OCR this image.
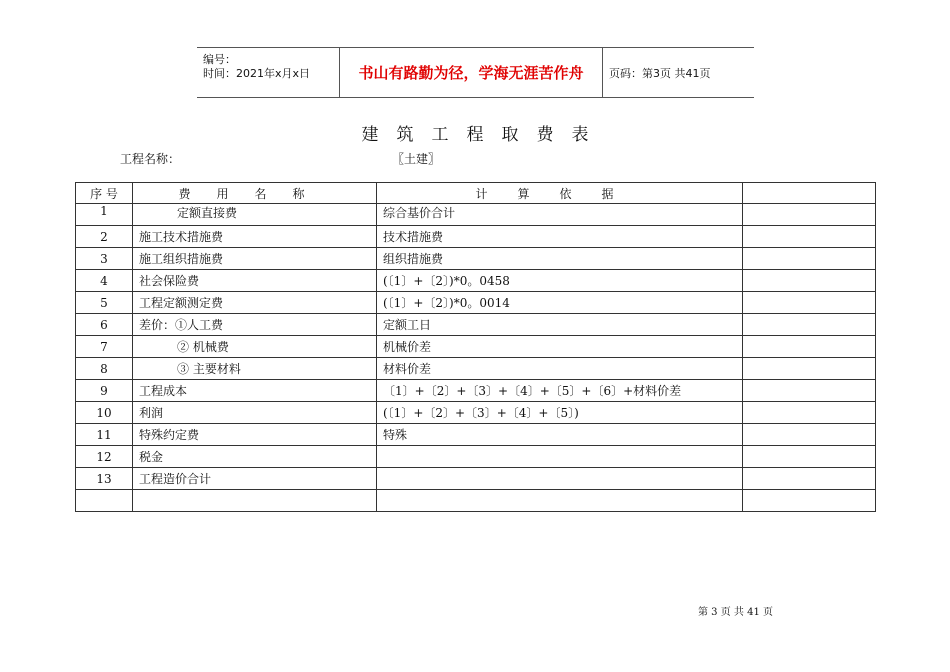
编号：
时间：2021年x月x日	书山有路勤为径，学海无涯苦作舟	页码：第3页 共41页
建筑工程取费表
工程名称：	〖土建〗
序 号	费用名称	计算依据	
1	定额直接费	综合基价合计	
2	施工技术措施费	技术措施费	
3	施工组织措施费	组织措施费	
4	社会保险费	(〔1〕+〔2〕)*0。0458	
5	工程定额测定费	(〔1〕+〔2〕)*0。0014	
6	差价：①人工费	定额工日	
7	② 机械费	机械价差	
8	③ 主要材料	材料价差	
9	工程成本	〔1〕+〔2〕+〔3〕+〔4〕+〔5〕+〔6〕+材料价差	
10	利润	(〔1〕+〔2〕+〔3〕+〔4〕+〔5〕)	
11	特殊约定费	特殊	
12	税金		
13	工程造价合计		

第 3 页 共 41 页
